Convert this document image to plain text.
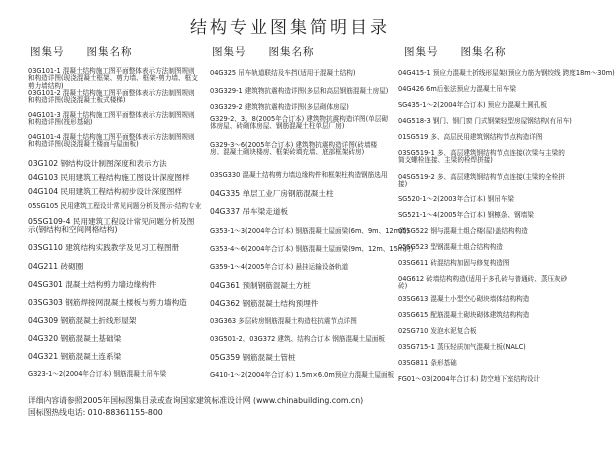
结构专业图集简明目录
图集号 图集名称	图集号 图集名称	图集号 图集名称
03G101-1 混凝土结构施工图平面整体表示方法制图规则和构造详图(现浇混凝土框架、剪力墙、框架-剪力墙、框支剪力墙结构)
03G101-2 混凝土结构施工图平面整体表示方法制图规则和构造详图(现浇混凝土板式楼梯)
04G101-3 混凝土结构施工图平面整体表示方法制图规则和构造详图(筏形基础)
04G101-4 混凝土结构施工图平面整体表示方法制图规则和构造详图(现浇混凝土楼面与屋面板)
03G102 钢结构设计制图深度和表示方法
04G103 民用建筑工程结构施工图设计深度图样
04G104 民用建筑工程结构初步设计深度图样
05SG105 民用建筑工程设计常见问题分析及图示-结构专业
05SG109-4 民用建筑工程设计常见问题分析及图示(钢结构和空间网格结构)
03SG110 建筑结构实践教学及见习工程图册
04G211 砖砌圈
04SG301 混凝土结构剪力墙边缘构件
03SG303 钢筋焊接网混凝土楼板与剪力墙构造
04G309 钢筋混凝土折线形屋架
04G320 钢筋混凝土基础梁
04G321 钢筋混凝土连系梁
G323-1～2(2004年合订本) 钢筋混凝土吊车梁
04G325 吊车轨道联结及车挡(适用于混凝土结构)
03G329-1 建筑物抗震构造详图(多层和高层钢筋混凝土房屋)
03G329-2 建筑物抗震构造详图(多层砌体房屋)
G329-2、3、8(2005年合订本) 建筑物抗震构造详图(单层砌体房屋、砖砌体房屋、钢筋混凝土柱单层厂房)
G329-3～6(2005年合订本) 建筑物抗震构造详图(砖墙楼房、混凝土砌块楼房、框架砖填充墙、底部框架砖房)
03SG330 混凝土结构剪力墙边缘构件和框架柱构造钢筋选用
04G335 单层工业厂房钢筋混凝土柱
04G337 吊车梁走道板
G353-1～3(2004年合订本) 钢筋混凝土屋面梁(6m、9m、12m跨)
G353-4～6(2004年合订本) 钢筋混凝土屋面梁(9m、12m、15m跨)
G359-1～4(2005年合订本) 悬挂运输设备轨道
04G361 预制钢筋混凝土方桩
04G362 钢筋混凝土结构预埋件
03G363 多层砖房钢筋混凝土构造柱抗震节点详图
03G501-2、03G372 建筑、结构合订本 钢筋混凝土屋面板
05G359 钢筋混凝土管桩
G410-1～2(2004年合订本) 1.5m×6.0m预应力混凝土屋面板
04G415-1 预应力混凝土折线形屋架(预应力筋为钢绞线 跨度18m～30m)
04G426 6m后张法预应力混凝土吊车梁
SG435-1～2(2004年合订本) 预应力混凝土圆孔板
04G518-3 钢门、钢门窗 门式钢架轻型房屋钢结构(有吊车)
01SG519 多、高层民用建筑钢结构节点构造详图
03SG519-1 多、高层建筑钢结构节点连接(次梁与主梁的简支螺栓连接、主梁的栓焊拼接)
04SG519-2 多、高层建筑钢结构节点连接(主梁的全栓拼接)
SG520-1～2(2003年合订本) 钢吊车梁
SG521-1～4(2005年合订本) 钢檩条、钢墙梁
05SG522 钢与混凝土组合楼(屋)盖结构构造
05SG523 型钢混凝土组合结构构造
03SG611 砖混结构加固与修复构造图
04G612 砖墙结构构造(适用于多孔砖与普通砖、蒸压灰砂砖)
03SG613 混凝土小型空心砌块墙体结构构造
03SG615 配筋混凝土砌块砌体建筑结构构造
02SG710 发泡水泥复合板
03SG715-1 蒸压轻质加气混凝土板(NALC)
03SG811 条形基础
FG01～03(2004年合订本) 防空地下室结构设计
详细内容请参照2005年国标图集目录或查询国家建筑标准设计网 (www.chinabuilding.com.cn)
国标图热线电话: 010-88361155-800
